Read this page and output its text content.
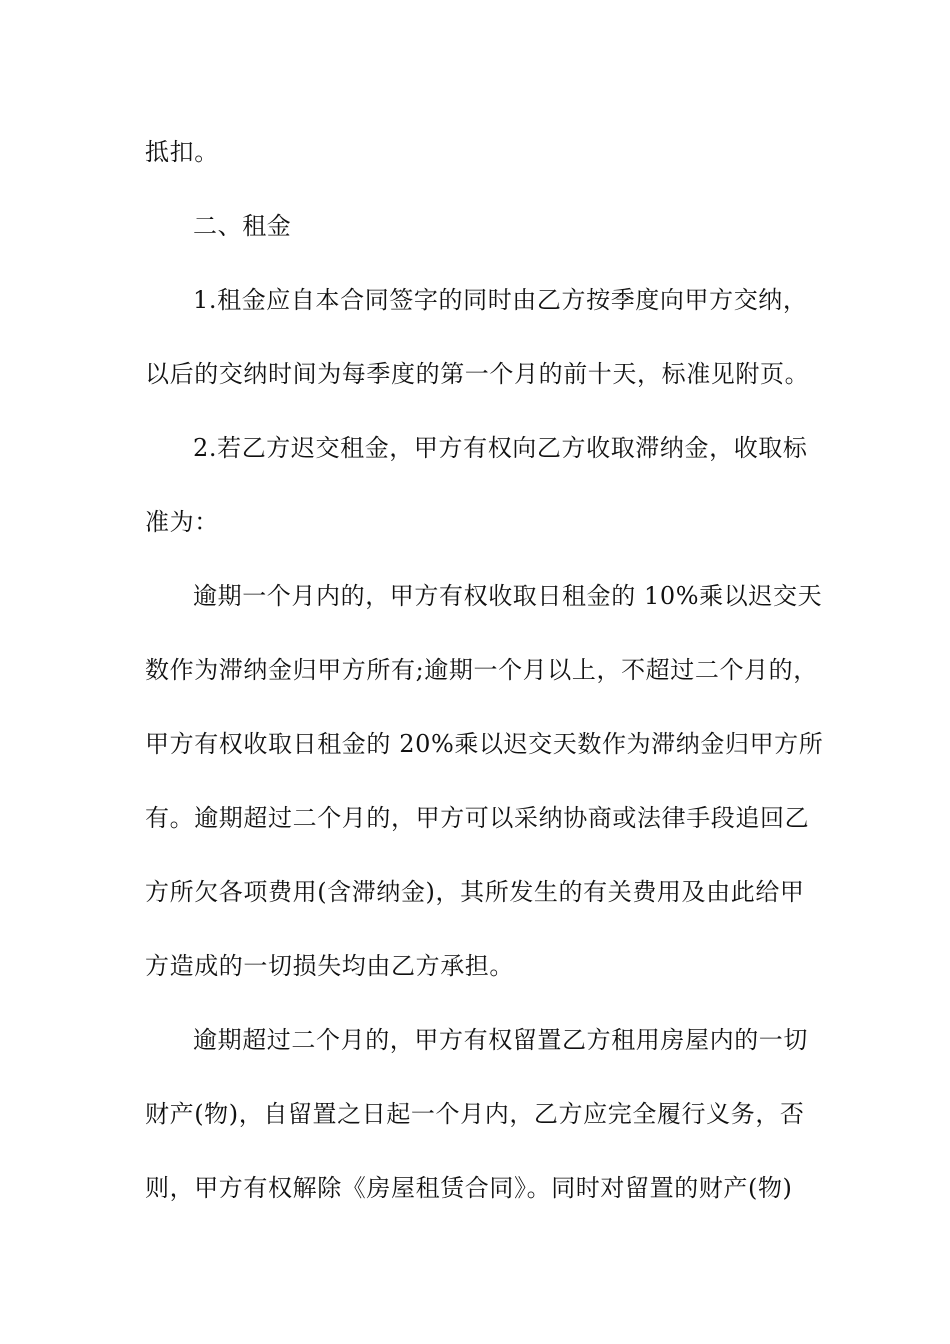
抵扣。
二、租金
1.租金应自本合同签字的同时由乙方按季度向甲方交纳，
以后的交纳时间为每季度的第一个月的前十天，标准见附页。
2.若乙方迟交租金，甲方有权向乙方收取滞纳金，收取标
准为：
逾期一个月内的，甲方有权收取日租金的 10%乘以迟交天
数作为滞纳金归甲方所有;逾期一个月以上，不超过二个月的，
甲方有权收取日租金的 20%乘以迟交天数作为滞纳金归甲方所
有。逾期超过二个月的，甲方可以采纳协商或法律手段追回乙
方所欠各项费用(含滞纳金)，其所发生的有关费用及由此给甲
方造成的一切损失均由乙方承担。
逾期超过二个月的，甲方有权留置乙方租用房屋内的一切
财产(物)，自留置之日起一个月内，乙方应完全履行义务，否
则，甲方有权解除《房屋租赁合同》。同时对留置的财产(物)
